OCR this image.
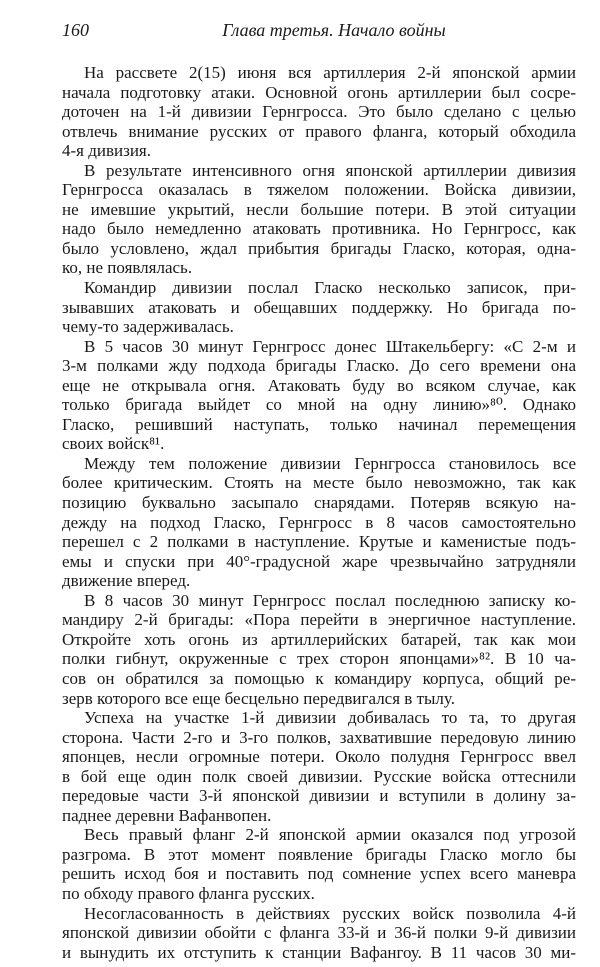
160	Глава третья. Начало войны
На рассвете 2(15) июня вся артиллерия 2-й японской армии
начала подготовку атаки. Основной огонь артиллерии был сосре-
доточен на 1-й дивизии Гернгросса. Это было сделано с целью
отвлечь внимание русских от правого фланга, который обходила
4-я дивизия.
В результате интенсивного огня японской артиллерии дивизия
Гернгросса оказалась в тяжелом положении. Войска дивизии,
не имевшие укрытий, несли большие потери. В этой ситуации
надо было немедленно атаковать противника. Но Гернгросс, как
было условлено, ждал прибытия бригады Гласко, которая, одна-
ко, не появлялась.
Командир дивизии послал Гласко несколько записок, при-
зывавших атаковать и обещавших поддержку. Но бригада по-
чему-то задерживалась.
В 5 часов 30 минут Гернгросс донес Штакельбергу: «С 2-м и
3-м полками жду подхода бригады Гласко. До сего времени она
еще не открывала огня. Атаковать буду во всяком случае, как
только бригада выйдет со мной на одну линию»⁸⁰. Однако
Гласко, решивший наступать, только начинал перемещения
своих войск⁸¹.
Между тем положение дивизии Гернгросса становилось все
более критическим. Стоять на месте было невозможно, так как
позицию буквально засыпало снарядами. Потеряв всякую на-
дежду на подход Гласко, Гернгросс в 8 часов самостоятельно
перешел с 2 полками в наступление. Крутые и каменистые подъ-
емы и спуски при 40°-градусной жаре чрезвычайно затрудняли
движение вперед.
В 8 часов 30 минут Гернгросс послал последнюю записку ко-
мандиру 2-й бригады: «Пора перейти в энергичное наступление.
Откройте хоть огонь из артиллерийских батарей, так как мои
полки гибнут, окруженные с трех сторон японцами»⁸². В 10 ча-
сов он обратился за помощью к командиру корпуса, общий ре-
зерв которого все еще бесцельно передвигался в тылу.
Успеха на участке 1-й дивизии добивалась то та, то другая
сторона. Части 2-го и 3-го полков, захватившие передовую линию
японцев, несли огромные потери. Около полудня Гернгросс ввел
в бой еще один полк своей дивизии. Русские войска оттеснили
передовые части 3-й японской дивизии и вступили в долину за-
паднее деревни Вафанвопен.
Весь правый фланг 2-й японской армии оказался под угрозой
разгрома. В этот момент появление бригады Гласко могло бы
решить исход боя и поставить под сомнение успех всего маневра
по обходу правого фланга русских.
Несогласованность в действиях русских войск позволила 4-й
японской дивизии обойти с фланга 33-й и 36-й полки 9-й дивизии
и вынудить их отступить к станции Вафангоу. В 11 часов 30 ми-
